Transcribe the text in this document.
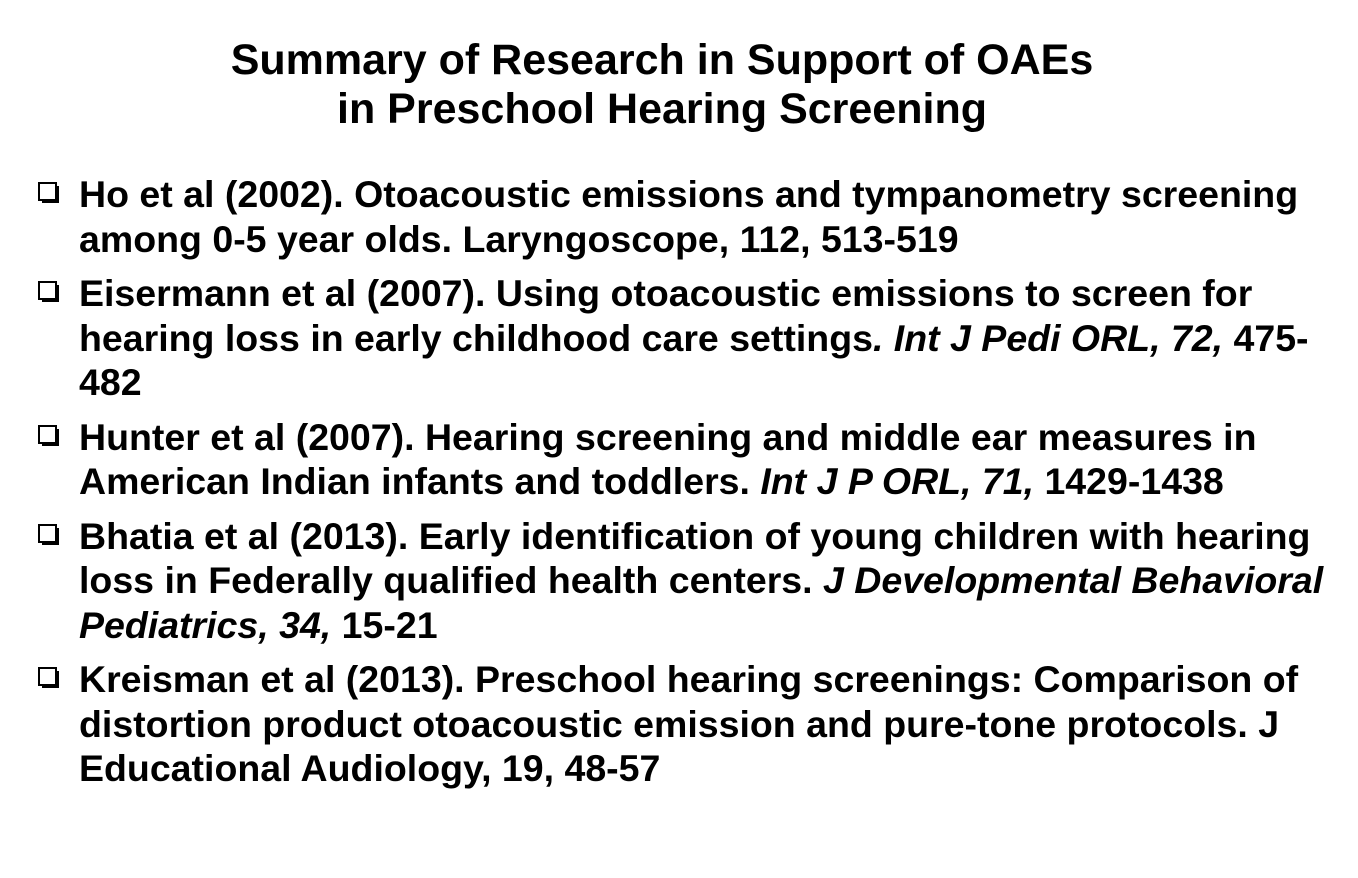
Summary of Research in Support of OAEs
in Preschool Hearing Screening
Ho et al (2002). Otoacoustic emissions and tympanometry screening among 0-5 year olds. Laryngoscope, 112, 513-519
Eisermann et al (2007). Using otoacoustic emissions to screen for hearing loss in early childhood care settings. Int J Pedi ORL, 72, 475-482
Hunter et al (2007). Hearing screening and middle ear measures in American Indian infants and toddlers. Int J P ORL, 71, 1429-1438
Bhatia et al (2013). Early identification of young children with hearing loss in Federally qualified health centers. J Developmental Behavioral Pediatrics, 34, 15-21
Kreisman et al (2013). Preschool hearing screenings: Comparison of distortion product otoacoustic emission and pure-tone protocols. J Educational Audiology, 19, 48-57
